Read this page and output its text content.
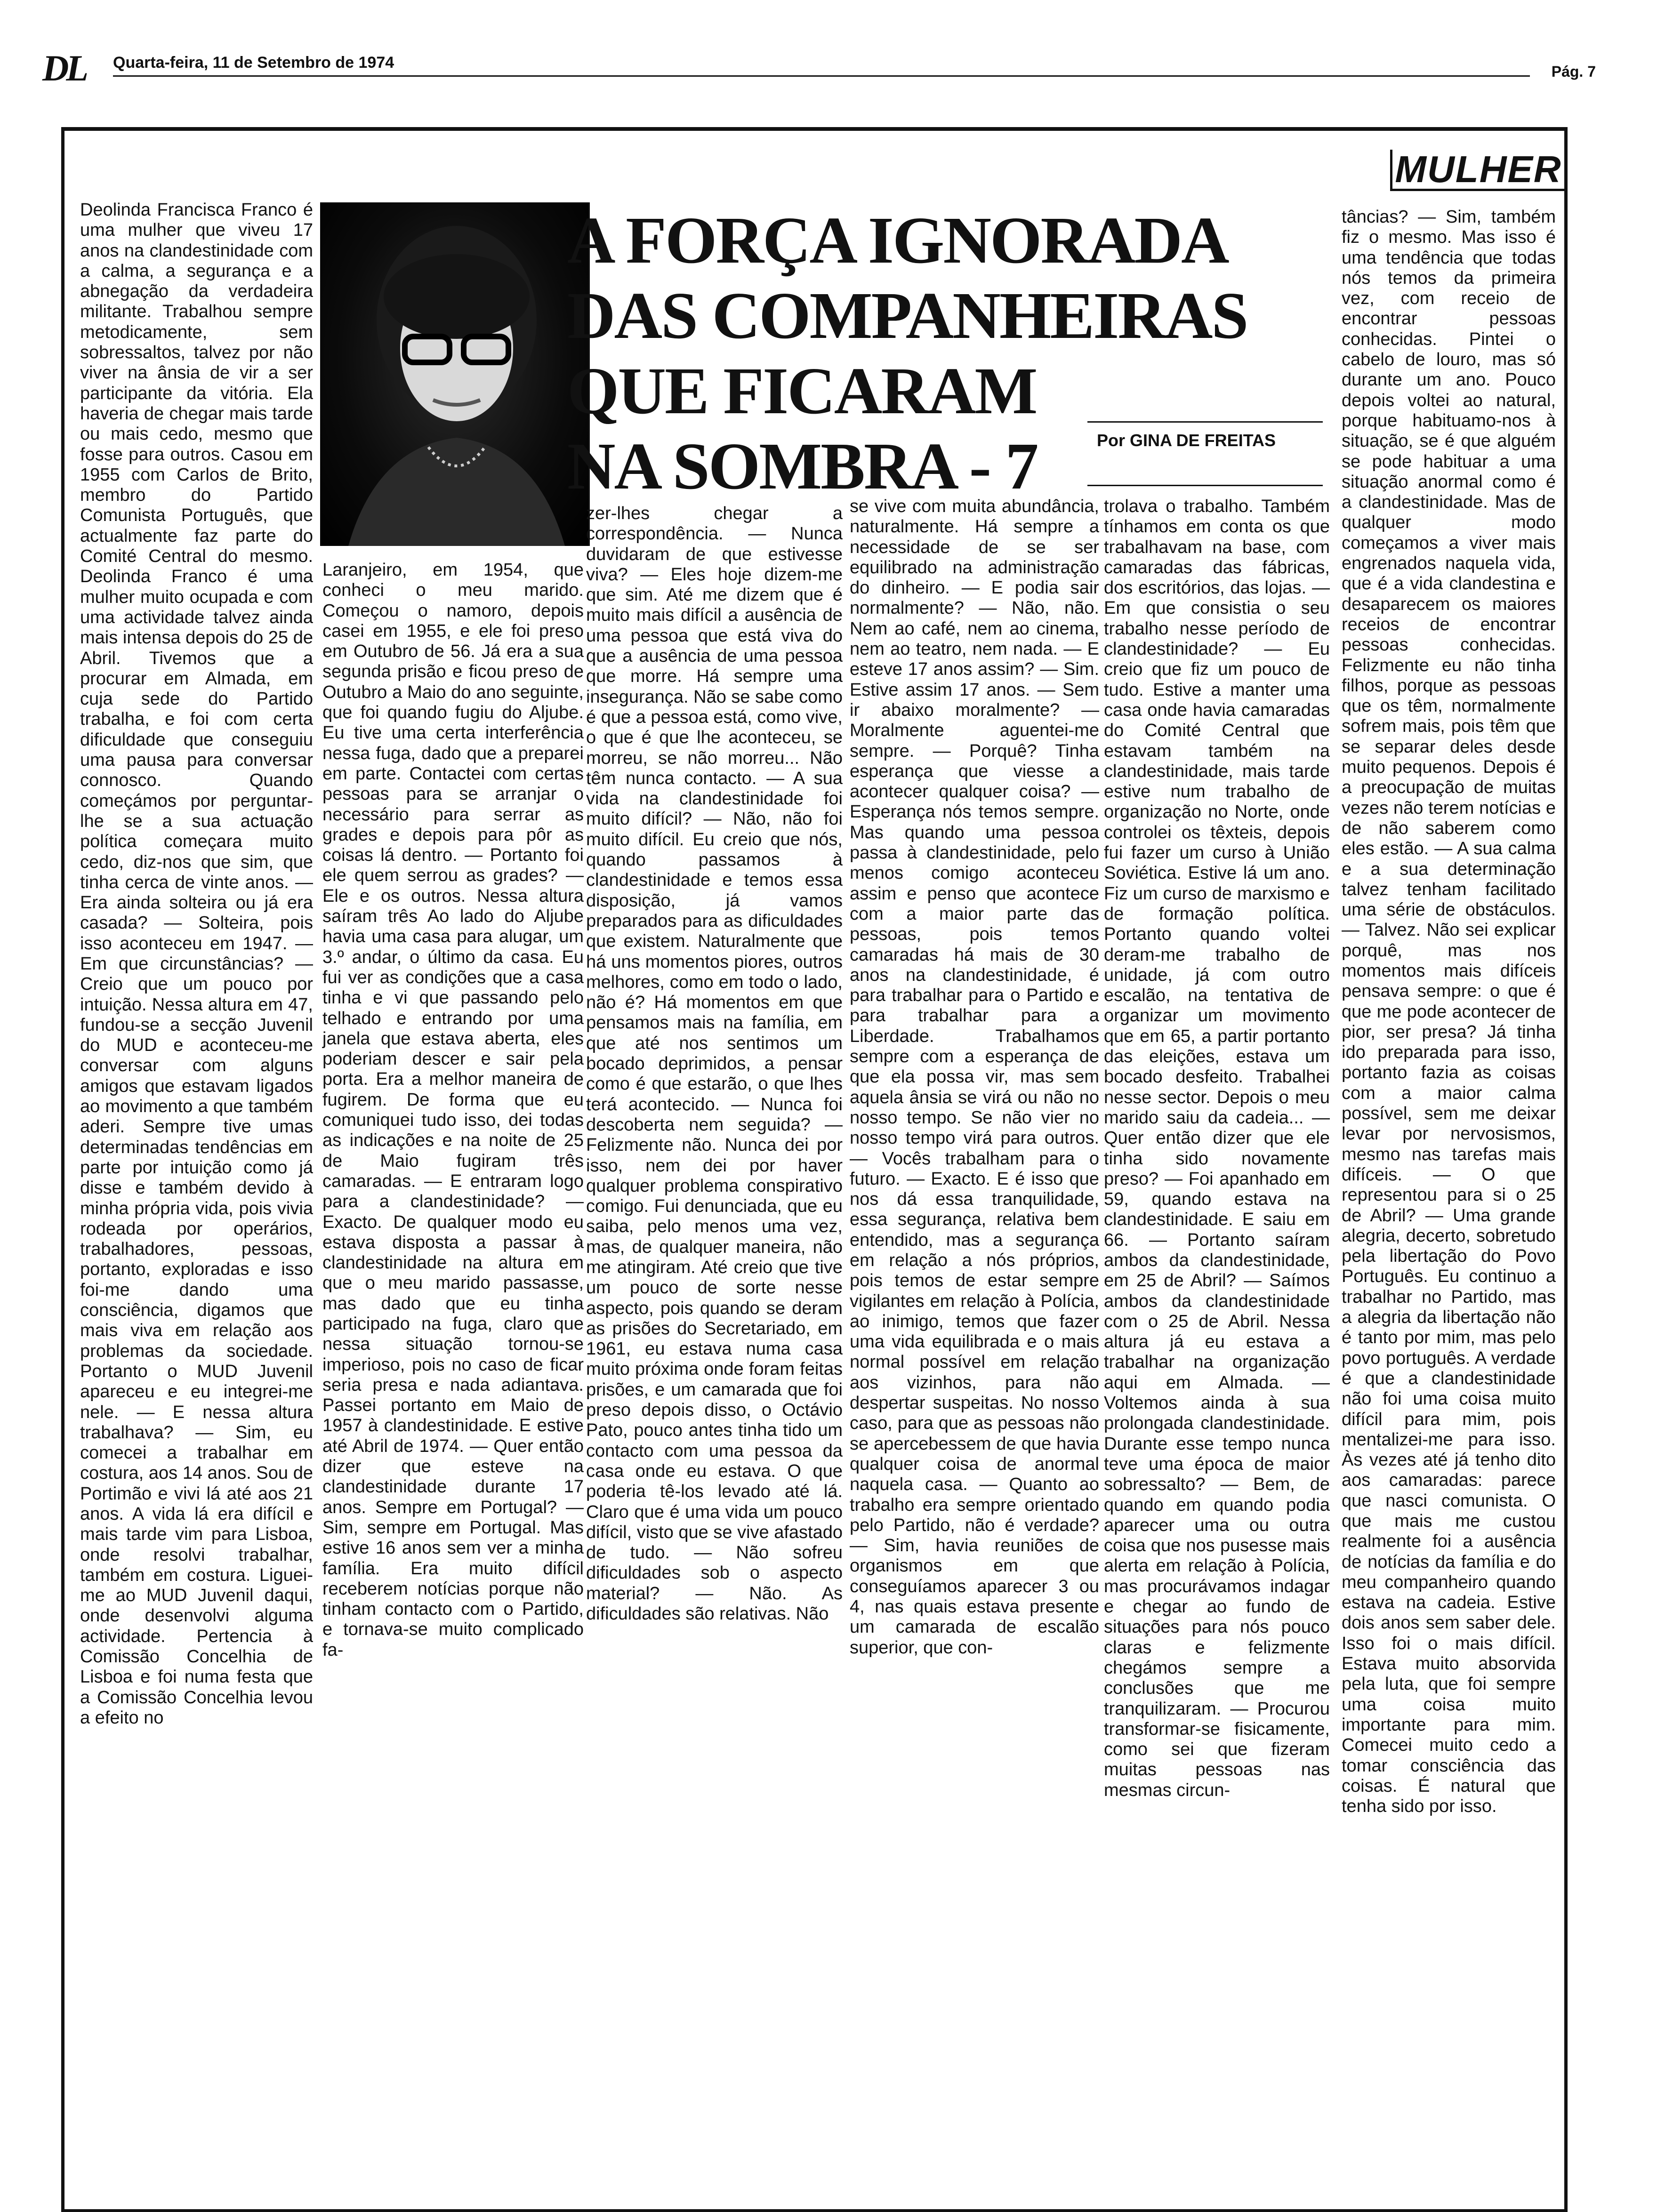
DL Quarta-feira, 11 de Setembro de 1974	Pág. 7
MULHER

Deolinda Francisca Franco é uma mulher que viveu 17 anos na clandestinidade com a calma, a segurança e a abnegação da verdadeira militante. Trabalhou sempre metodicamente, sem sobressaltos, talvez por não viver na ânsia de vir a ser participante da vitória. Ela haveria de chegar mais tarde ou mais cedo, mesmo que fosse para outros. Casou em 1955 com Carlos de Brito, membro do Partido Comunista Português, que actualmente faz parte do Comité Central do mesmo. Deolinda Franco é uma mulher muito ocupada e com uma actividade talvez ainda mais intensa depois do 25 de Abril. Tivemos que a procurar em Almada, em cuja sede do Partido trabalha, e foi com certa dificuldade que conseguiu uma pausa para conversar connosco. Quando começámos por perguntar-lhe se a sua actuação política começara muito cedo, diz-nos que sim, que tinha cerca de vinte anos. — Era ainda solteira ou já era casada? — Solteira, pois isso aconteceu em 1947. — Em que circunstâncias? — Creio que um pouco por intuição. Nessa altura em 47, fundou-se a secção Juvenil do MUD e aconteceu-me conversar com alguns amigos que estavam ligados ao movimento a que também aderi. Sempre tive umas determinadas tendências em parte por intuição como já disse e também devido à minha própria vida, pois vivia rodeada por operários, trabalhadores, pessoas, portanto, exploradas e isso foi-me dando uma consciência, digamos que mais viva em relação aos problemas da sociedade. Portanto o MUD Juvenil apareceu e eu integrei-me nele. — E nessa altura trabalhava? — Sim, eu comecei a trabalhar em costura, aos 14 anos. Sou de Portimão e vivi lá até aos 21 anos. A vida lá era difícil e mais tarde vim para Lisboa, onde resolvi trabalhar, também em costura. Liguei-me ao MUD Juvenil daqui, onde desenvolvi alguma actividade. Pertencia à Comissão Concelhia de Lisboa e foi numa festa que a Comissão Concelhia levou a efeito no

Laranjeiro, em 1954, que conheci o meu marido. Começou o namoro, depois casei em 1955, e ele foi preso em Outubro de 56. Já era a sua segunda prisão e ficou preso de Outubro a Maio do ano seguinte, que foi quando fugiu do Aljube. Eu tive uma certa interferência nessa fuga, dado que a preparei em parte. Contactei com certas pessoas para se arranjar o necessário para serrar as grades e depois para pôr as coisas lá dentro. — Portanto foi ele quem serrou as grades? — Ele e os outros. Nessa altura saíram três Ao lado do Aljube havia uma casa para alugar, um 3.º andar, o último da casa. Eu fui ver as condições que a casa tinha e vi que passando pelo telhado e entrando por uma janela que estava aberta, eles poderiam descer e sair pela porta. Era a melhor maneira de fugirem. De forma que eu comuniquei tudo isso, dei todas as indicações e na noite de 25 de Maio fugiram três camaradas. — E entraram logo para a clandestinidade? — Exacto. De qualquer modo eu estava disposta a passar à clandestinidade na altura em que o meu marido passasse, mas dado que eu tinha participado na fuga, claro que nessa situação tornou-se imperioso, pois no caso de ficar seria presa e nada adiantava. Passei portanto em Maio de 1957 à clandestinidade. E estive até Abril de 1974. — Quer então dizer que esteve na clandestinidade durante 17 anos. Sempre em Portugal? — Sim, sempre em Portugal. Mas estive 16 anos sem ver a minha família. Era muito difícil receberem notícias porque não tinham contacto com o Partido, e tornava-se muito complicado fa-

A FORÇA IGNORADA
DAS COMPANHEIRAS
QUE FICARAM
NA SOMBRA - 7	Por GINA DE FREITAS

zer-lhes chegar a correspondência. — Nunca duvidaram de que estivesse viva? — Eles hoje dizem-me que sim. Até me dizem que é muito mais difícil a ausência de uma pessoa que está viva do que a ausência de uma pessoa que morre. Há sempre uma insegurança. Não se sabe como é que a pessoa está, como vive, o que é que lhe aconteceu, se morreu, se não morreu... Não têm nunca contacto. — A sua vida na clandestinidade foi muito difícil? — Não, não foi muito difícil. Eu creio que nós, quando passamos à clandestinidade e temos essa disposição, já vamos preparados para as dificuldades que existem. Naturalmente que há uns momentos piores, outros melhores, como em todo o lado, não é? Há momentos em que pensamos mais na família, em que até nos sentimos um bocado deprimidos, a pensar como é que estarão, o que lhes terá acontecido. — Nunca foi descoberta nem seguida? — Felizmente não. Nunca dei por isso, nem dei por haver qualquer problema conspirativo comigo. Fui denunciada, que eu saiba, pelo menos uma vez, mas, de qualquer maneira, não me atingiram. Até creio que tive um pouco de sorte nesse aspecto, pois quando se deram as prisões do Secretariado, em 1961, eu estava numa casa muito próxima onde foram feitas prisões, e um camarada que foi preso depois disso, o Octávio Pato, pouco antes tinha tido um contacto com uma pessoa da casa onde eu estava. O que poderia tê-los levado até lá. Claro que é uma vida um pouco difícil, visto que se vive afastado de tudo. — Não sofreu dificuldades sob o aspecto material? — Não. As dificuldades são relativas. Não

se vive com muita abundância, naturalmente. Há sempre a necessidade de se ser equilibrado na administração do dinheiro. — E podia sair normalmente? — Não, não. Nem ao café, nem ao cinema, nem ao teatro, nem nada. — E esteve 17 anos assim? — Sim. Estive assim 17 anos. — Sem ir abaixo moralmente? — Moralmente aguentei-me sempre. — Porquê? Tinha esperança que viesse a acontecer qualquer coisa? — Esperança nós temos sempre. Mas quando uma pessoa passa à clandestinidade, pelo menos comigo aconteceu assim e penso que acontece com a maior parte das pessoas, pois temos camaradas há mais de 30 anos na clandestinidade, é para trabalhar para o Partido e para trabalhar para a Liberdade. Trabalhamos sempre com a esperança de que ela possa vir, mas sem aquela ânsia se virá ou não no nosso tempo. Se não vier no nosso tempo virá para outros. — Vocês trabalham para o futuro. — Exacto. E é isso que nos dá essa tranquilidade, essa segurança, relativa bem entendido, mas a segurança em relação a nós próprios, pois temos de estar sempre vigilantes em relação à Polícia, ao inimigo, temos que fazer uma vida equilibrada e o mais normal possível em relação aos vizinhos, para não despertar suspeitas. No nosso caso, para que as pessoas não se apercebessem de que havia qualquer coisa de anormal naquela casa. — Quanto ao trabalho era sempre orientado pelo Partido, não é verdade? — Sim, havia reuniões de organismos em que conseguíamos aparecer 3 ou 4, nas quais estava presente um camarada de escalão superior, que con-

trolava o trabalho. Também tínhamos em conta os que trabalhavam na base, com camaradas das fábricas, dos escritórios, das lojas. — Em que consistia o seu trabalho nesse período de clandestinidade? — Eu creio que fiz um pouco de tudo. Estive a manter uma casa onde havia camaradas do Comité Central que estavam também na clandestinidade, mais tarde estive num trabalho de organização no Norte, onde controlei os têxteis, depois fui fazer um curso à União Soviética. Estive lá um ano. Fiz um curso de marxismo e de formação política. Portanto quando voltei deram-me trabalho de unidade, já com outro escalão, na tentativa de organizar um movimento que em 65, a partir portanto das eleições, estava um bocado desfeito. Trabalhei nesse sector. Depois o meu marido saiu da cadeia... — Quer então dizer que ele tinha sido novamente preso? — Foi apanhado em 59, quando estava na clandestinidade. E saiu em 66. — Portanto saíram ambos da clandestinidade, em 25 de Abril? — Saímos ambos da clandestinidade com o 25 de Abril. Nessa altura já eu estava a trabalhar na organização aqui em Almada. — Voltemos ainda à sua prolongada clandestinidade. Durante esse tempo nunca teve uma época de maior sobressalto? — Bem, de quando em quando podia aparecer uma ou outra coisa que nos pusesse mais alerta em relação à Polícia, mas procurávamos indagar e chegar ao fundo de situações para nós pouco claras e felizmente chegámos sempre a conclusões que me tranquilizaram. — Procurou transformar-se fisicamente, como sei que fizeram muitas pessoas nas mesmas circun-

tâncias? — Sim, também fiz o mesmo. Mas isso é uma tendência que todas nós temos da primeira vez, com receio de encontrar pessoas conhecidas. Pintei o cabelo de louro, mas só durante um ano. Pouco depois voltei ao natural, porque habituamo-nos à situação, se é que alguém se pode habituar a uma situação anormal como é a clandestinidade. Mas de qualquer modo começamos a viver mais engrenados naquela vida, que é a vida clandestina e desaparecem os maiores receios de encontrar pessoas conhecidas. Felizmente eu não tinha filhos, porque as pessoas que os têm, normalmente sofrem mais, pois têm que se separar deles desde muito pequenos. Depois é a preocupação de muitas vezes não terem notícias e de não saberem como eles estão. — A sua calma e a sua determinação talvez tenham facilitado uma série de obstáculos. — Talvez. Não sei explicar porquê, mas nos momentos mais difíceis pensava sempre: o que é que me pode acontecer de pior, ser presa? Já tinha ido preparada para isso, portanto fazia as coisas com a maior calma possível, sem me deixar levar por nervosismos, mesmo nas tarefas mais difíceis. — O que representou para si o 25 de Abril? — Uma grande alegria, decerto, sobretudo pela libertação do Povo Português. Eu continuo a trabalhar no Partido, mas a alegria da libertação não é tanto por mim, mas pelo povo português. A verdade é que a clandestinidade não foi uma coisa muito difícil para mim, pois mentalizei-me para isso. Às vezes até já tenho dito aos camaradas: parece que nasci comunista. O que mais me custou realmente foi a ausência de notícias da família e do meu companheiro quando estava na cadeia. Estive dois anos sem saber dele. Isso foi o mais difícil. Estava muito absorvida pela luta, que foi sempre uma coisa muito importante para mim. Comecei muito cedo a tomar consciência das coisas. É natural que tenha sido por isso.
